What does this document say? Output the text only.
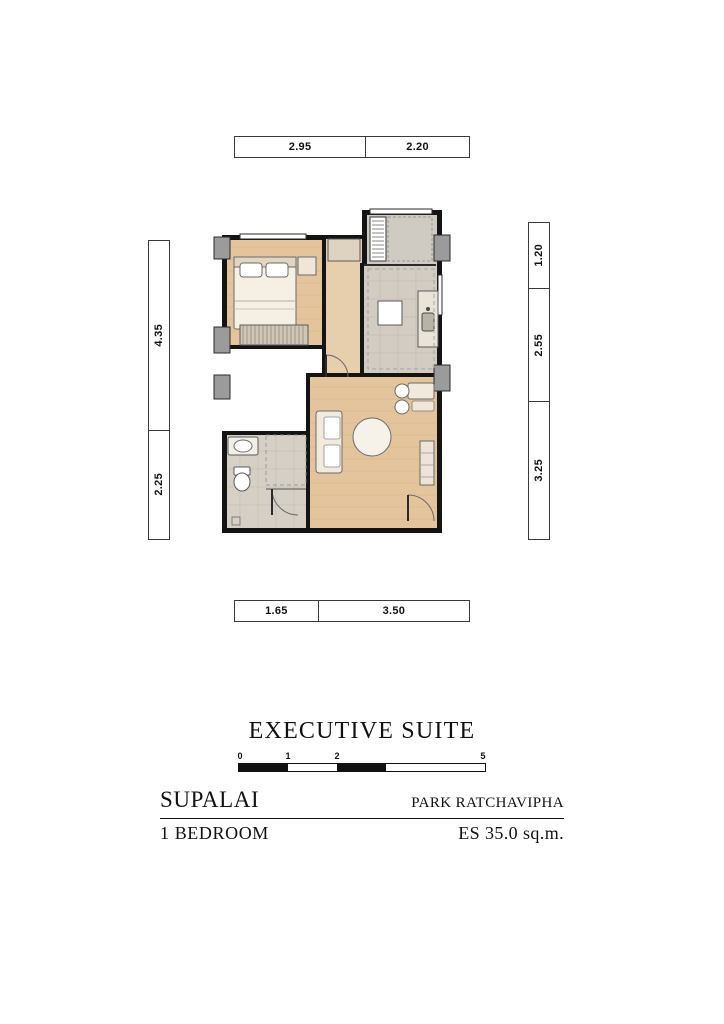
2.95	2.20
1.65	3.50
4.35
2.25
1.20
2.55
3.25
EXECUTIVE SUITE
0	1	2	5
SUPALAI	PARK RATCHAVIPHA
1 BEDROOM	ES 35.0 sq.m.
